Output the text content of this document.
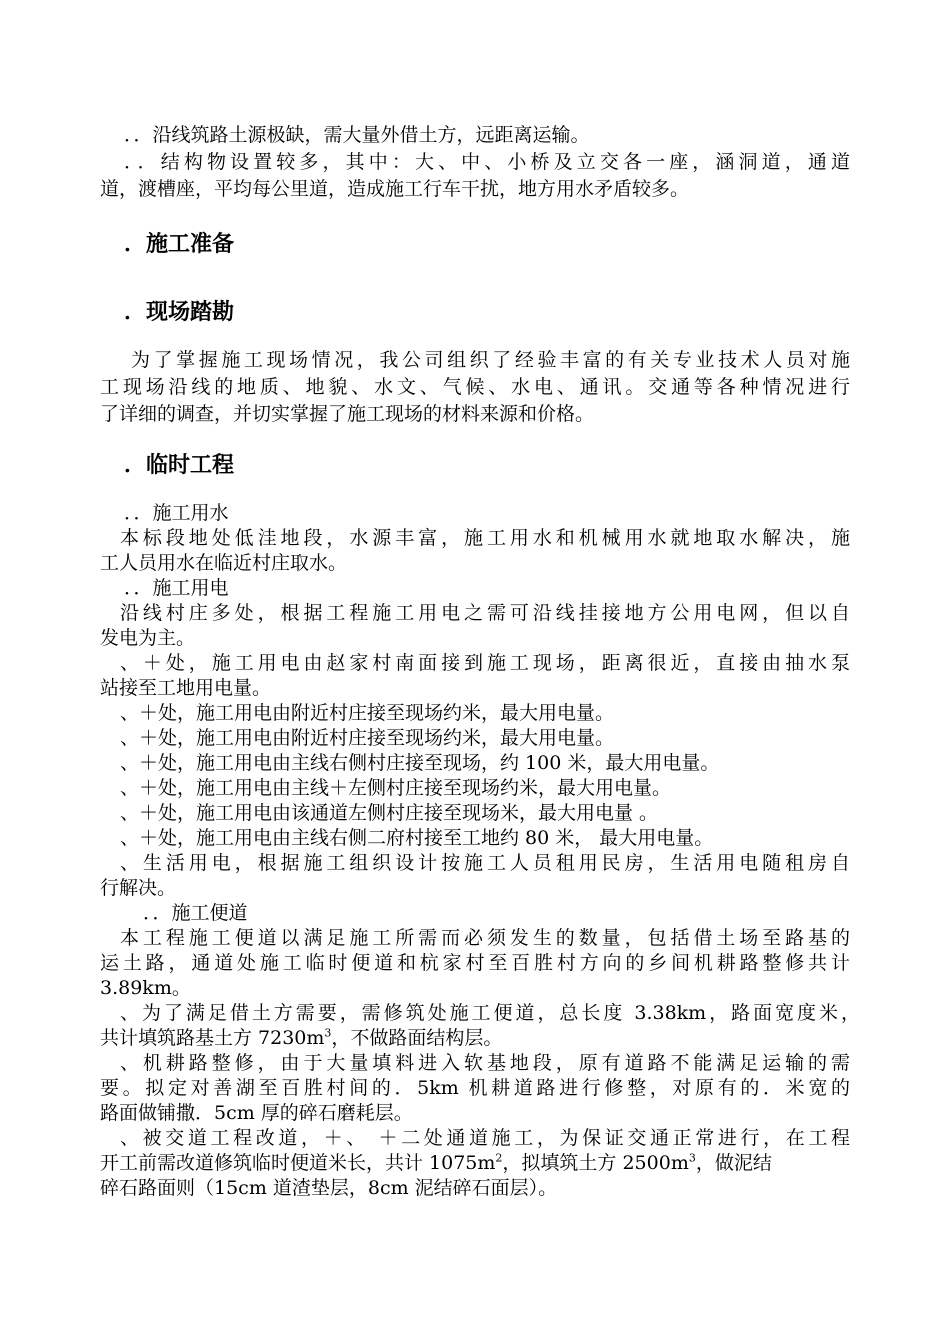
．．沿线筑路土源极缺，需大量外借土方，远距离运输。
．．结构物设置较多，其中：大、中、小桥及立交各一座，涵洞道，通道
道，渡槽座，平均每公里道，造成施工行车干扰，地方用水矛盾较多。
．施工准备
．现场踏勘
为了掌握施工现场情况，我公司组织了经验丰富的有关专业技术人员对施
工现场沿线的地质、地貌、水文、气候、水电、通讯。交通等各种情况进行
了详细的调查，并切实掌握了施工现场的材料来源和价格。
．临时工程
．．施工用水
本标段地处低洼地段，水源丰富，施工用水和机械用水就地取水解决，施
工人员用水在临近村庄取水。
．．施工用电
沿线村庄多处，根据工程施工用电之需可沿线挂接地方公用电网，但以自
发电为主。
、＋处，施工用电由赵家村南面接到施工现场，距离很近，直接由抽水泵
站接至工地用电量。
、＋处，施工用电由附近村庄接至现场约米，最大用电量。
、＋处，施工用电由附近村庄接至现场约米，最大用电量。
、＋处，施工用电由主线右侧村庄接至现场，约 100 米，最大用电量。
、＋处，施工用电由主线＋左侧村庄接至现场约米，最大用电量。
、＋处，施工用电由该通道左侧村庄接至现场米，最大用电量 。
、＋处，施工用电由主线右侧二府村接至工地约 80 米， 最大用电量。
、生活用电，根据施工组织设计按施工人员租用民房，生活用电随租房自
行解决。
．．施工便道
本工程施工便道以满足施工所需而必须发生的数量，包括借土场至路基的
运土路，通道处施工临时便道和杭家村至百胜村方向的乡间机耕路整修共计
3.89km。
、为了满足借土方需要，需修筑处施工便道，总长度 3.38km，路面宽度米，
共计填筑路基土方 $7230m^3$，不做路面结构层。
、机耕路整修，由于大量填料进入软基地段，原有道路不能满足运输的需
要。拟定对善湖至百胜村间的．5km 机耕道路进行修整，对原有的．米宽的
路面做铺撒．5cm 厚的碎石磨耗层。
、被交道工程改道，＋、 ＋二处通道施工，为保证交通正常进行，在工程
开工前需改道修筑临时便道米长，共计 $1075m^2$，拟填筑土方 $2500m^3$，做泥结
碎石路面则（15cm 道渣垫层，8cm 泥结碎石面层）。
